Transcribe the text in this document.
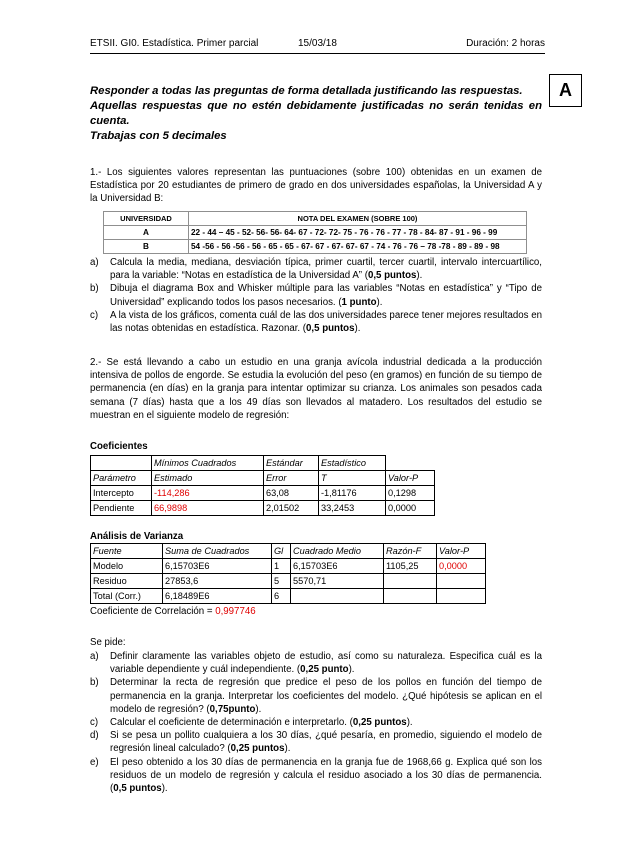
ETSII. GI0. Estadística. Primer parcial	15/03/18	Duración: 2 horas
A

Responder a todas las preguntas de forma detallada justificando las respuestas.

Aquellas respuestas que no estén debidamente justificadas no serán tenidas en cuenta.

Trabajas con 5 decimales

1.- Los siguientes valores representan las puntuaciones (sobre 100) obtenidas en un examen de Estadística por 20 estudiantes de primero de grado en dos universidades españolas, la Universidad A y la Universidad B:

UNIVERSIDAD	NOTA DEL EXAMEN (SOBRE 100)
A	22 - 44 – 45 - 52- 56- 56- 64- 67 - 72- 72- 75 - 76 - 76 - 77 - 78 - 84- 87 - 91 - 96 - 99
B	54 -56 - 56 -56 - 56 - 65 - 65 - 67- 67 - 67- 67- 67 - 74 - 76 - 76 – 78 -78 - 89 - 89 - 98
a)	Calcula la media, mediana, desviación típica, primer cuartil, tercer cuartil, intervalo intercuartílico, para la variable: “Notas en estadística de la Universidad A” (0,5 puntos).
b)	Dibuja el diagrama Box and Whisker múltiple para las variables “Notas en estadística” y “Tipo de Universidad” explicando todos los pasos necesarios. (1 punto).
c)	A la vista de los gráficos, comenta cuál de las dos universidades parece tener mejores resultados en las notas obtenidas en estadística. Razonar. (0,5 puntos).

2.- Se está llevando a cabo un estudio en una granja avícola industrial dedicada a la producción intensiva de pollos de engorde. Se estudia la evolución del peso (en gramos) en función de su tiempo de permanencia (en días) en la granja para intentar optimizar su crianza. Los animales son pesados cada semana (7 días) hasta que a los 49 días son llevados al matadero. Los resultados del estudio se muestran en el siguiente modelo de regresión:

Coeficientes
	Mínimos Cuadrados	Estándar	Estadístico	
Parámetro	Estimado	Error	T	Valor-P
Intercepto	-114,286	63,08	-1,81176	0,1298
Pendiente	66,9898	2,01502	33,2453	0,0000
Análisis de Varianza
Fuente	Suma de Cuadrados	Gl	Cuadrado Medio	Razón-F	Valor-P
Modelo	6,15703E6	1	6,15703E6	1105,25	0,0000
Residuo	27853,6	5	5570,71		
Total (Corr.)	6,18489E6	6			

Coeficiente de Correlación = 0,997746

Se pide:

a)	Definir claramente las variables objeto de estudio, así como su naturaleza. Especifica cuál es la variable dependiente y cuál independiente. (0,25 punto).
b)	Determinar la recta de regresión que predice el peso de los pollos en función del tiempo de permanencia en la granja. Interpretar los coeficientes del modelo. ¿Qué hipótesis se aplican en el modelo de regresión? (0,75punto).
c)	Calcular el coeficiente de determinación e interpretarlo. (0,25 puntos).
d)	Si se pesa un pollito cualquiera a los 30 días, ¿qué pesaría, en promedio, siguiendo el modelo de regresión lineal calculado? (0,25 puntos).
e)	El peso obtenido a los 30 días de permanencia en la granja fue de 1968,66 g. Explica qué son los residuos de un modelo de regresión y calcula el residuo asociado a los 30 días de permanencia. (0,5 puntos).
